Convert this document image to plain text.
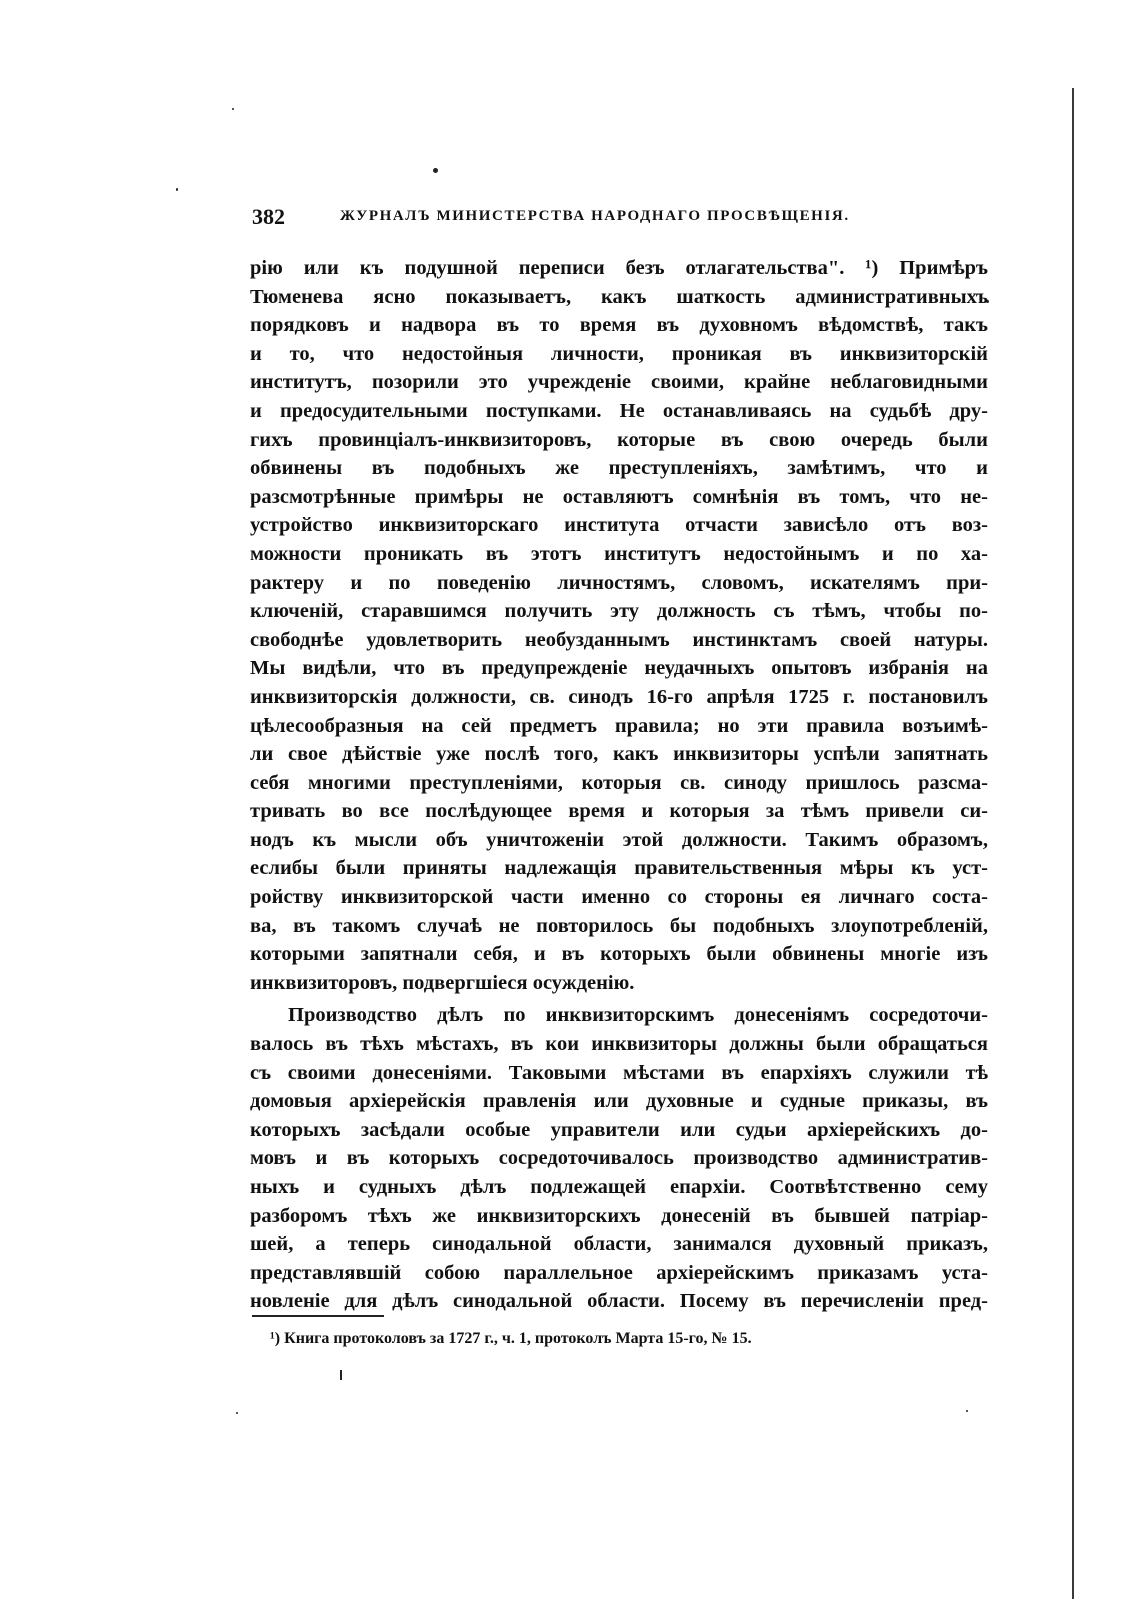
382	ЖУРНАЛЪ МИНИСТЕРСТВА НАРОДНАГО ПРОСВѢЩЕНІЯ.
рію или къ подушной переписи безъ отлагательства". ¹) Примѣръ
Тюменева ясно показываетъ, какъ шаткость административныхъ
порядковъ и надвора въ то время въ духовномъ вѣдомствѣ, такъ
и то, что недостойныя личности, проникая въ инквизиторскій
институтъ, позорили это учрежденіе своими, крайне неблаговидными
и предосудительными поступками. Не останавливаясь на судьбѣ дру-
гихъ провинціалъ-инквизиторовъ, которые въ свою очередь были
обвинены въ подобныхъ же преступленіяхъ, замѣтимъ, что и
разсмотрѣнные примѣры не оставляютъ сомнѣнія въ томъ, что не-
устройство инквизиторскаго института отчасти зависѣло отъ воз-
можности проникать въ этотъ институтъ недостойнымъ и по ха-
рактеру и по поведенію личностямъ, словомъ, искателямъ при-
ключеній, старавшимся получить эту должность съ тѣмъ, чтобы по-
свободнѣе удовлетворить необузданнымъ инстинктамъ своей натуры.
Мы видѣли, что въ предупрежденіе неудачныхъ опытовъ избранія на
инквизиторскія должности, св. синодъ 16-го апрѣля 1725 г. постановилъ
цѣлесообразныя на сей предметъ правила; но эти правила возъимѣ-
ли свое дѣйствіе уже послѣ того, какъ инквизиторы успѣли запятнать
себя многими преступленіями, которыя св. синоду пришлось разсма-
тривать во все послѣдующее время и которыя за тѣмъ привели си-
нодъ къ мысли объ уничтоженіи этой должности. Такимъ образомъ,
еслибы были приняты надлежащія правительственныя мѣры къ уст-
ройству инквизиторской части именно со стороны ея личнаго соста-
ва, въ такомъ случаѣ не повторилось бы подобныхъ злоупотребленій,
которыми запятнали себя, и въ которыхъ были обвинены многіе изъ
инквизиторовъ, подвергшіеся осужденію.
Производство дѣлъ по инквизиторскимъ донесеніямъ сосредоточи-
валось въ тѣхъ мѣстахъ, въ кои инквизиторы должны были обращаться
съ своими донесеніями. Таковыми мѣстами въ епархіяхъ служили тѣ
домовыя архіерейскія правленія или духовные и судные приказы, въ
которыхъ засѣдали особые управители или судьи архіерейскихъ до-
мовъ и въ которыхъ сосредоточивалось производство административ-
ныхъ и судныхъ дѣлъ подлежащей епархіи. Соотвѣтственно сему
разборомъ тѣхъ же инквизиторскихъ донесеній въ бывшей патріар-
шей, а теперь синодальной области, занимался духовный приказъ,
представлявшій собою параллельное архіерейскимъ приказамъ уста-
новленіе для дѣлъ синодальной области. Посему въ перечисленіи пред-
¹) Книга протоколовъ за 1727 г., ч. 1, протоколъ Марта 15-го, № 15.
